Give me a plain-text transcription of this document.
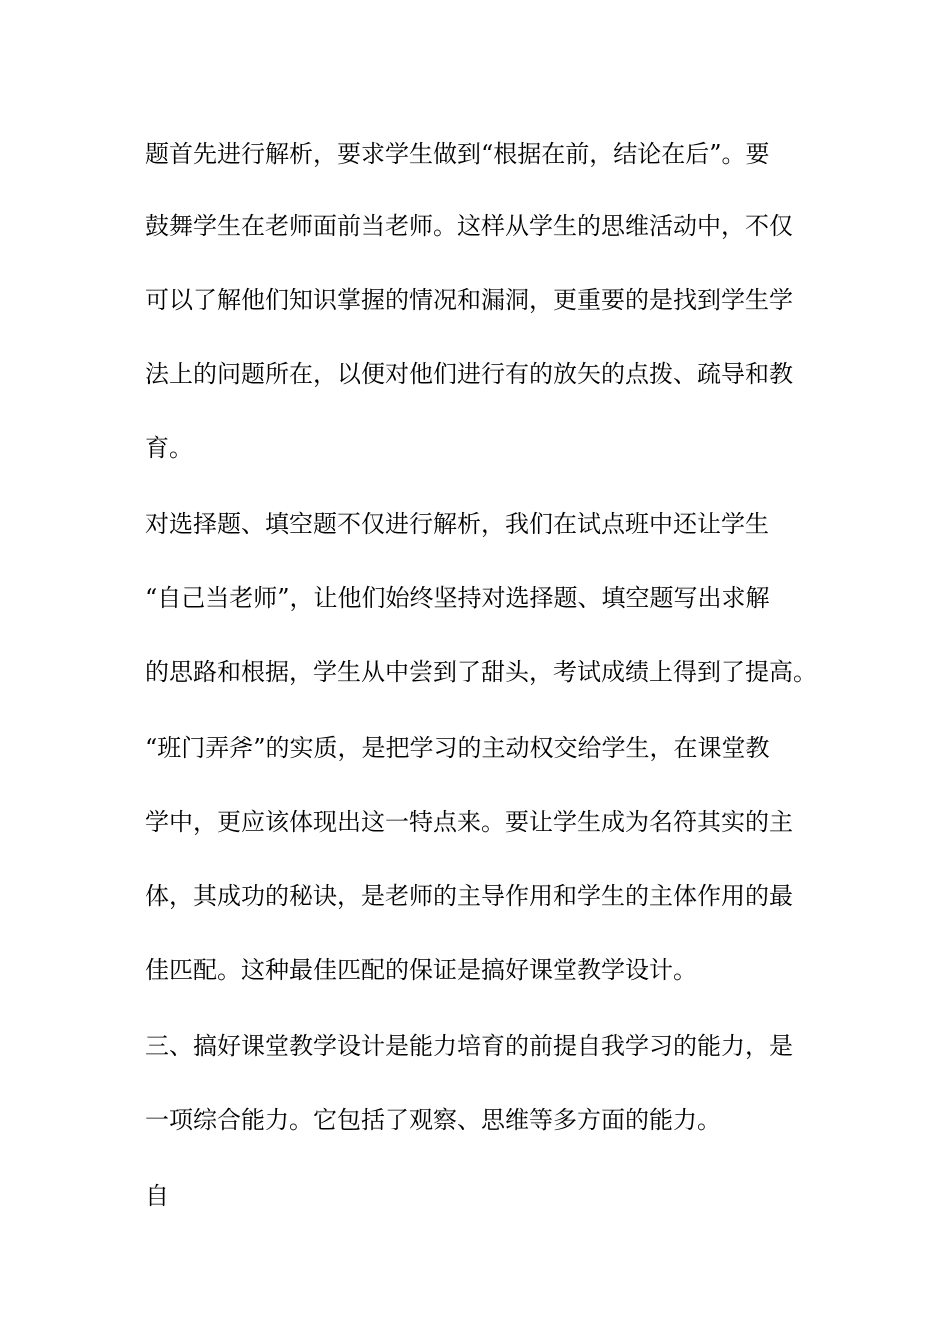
题首先进行解析，要求学生做到“根据在前，结论在后”。要
鼓舞学生在老师面前当老师。这样从学生的思维活动中，不仅
可以了解他们知识掌握的情况和漏洞，更重要的是找到学生学
法上的问题所在，以便对他们进行有的放矢的点拨、疏导和教
育。
对选择题、填空题不仅进行解析，我们在试点班中还让学生
“自己当老师”，让他们始终坚持对选择题、填空题写出求解
的思路和根据，学生从中尝到了甜头，考试成绩上得到了提高。
“班门弄斧”的实质，是把学习的主动权交给学生，在课堂教
学中，更应该体现出这一特点来。要让学生成为名符其实的主
体，其成功的秘诀，是老师的主导作用和学生的主体作用的最
佳匹配。这种最佳匹配的保证是搞好课堂教学设计。
三、搞好课堂教学设计是能力培育的前提自我学习的能力，是
一项综合能力。它包括了观察、思维等多方面的能力。
自
